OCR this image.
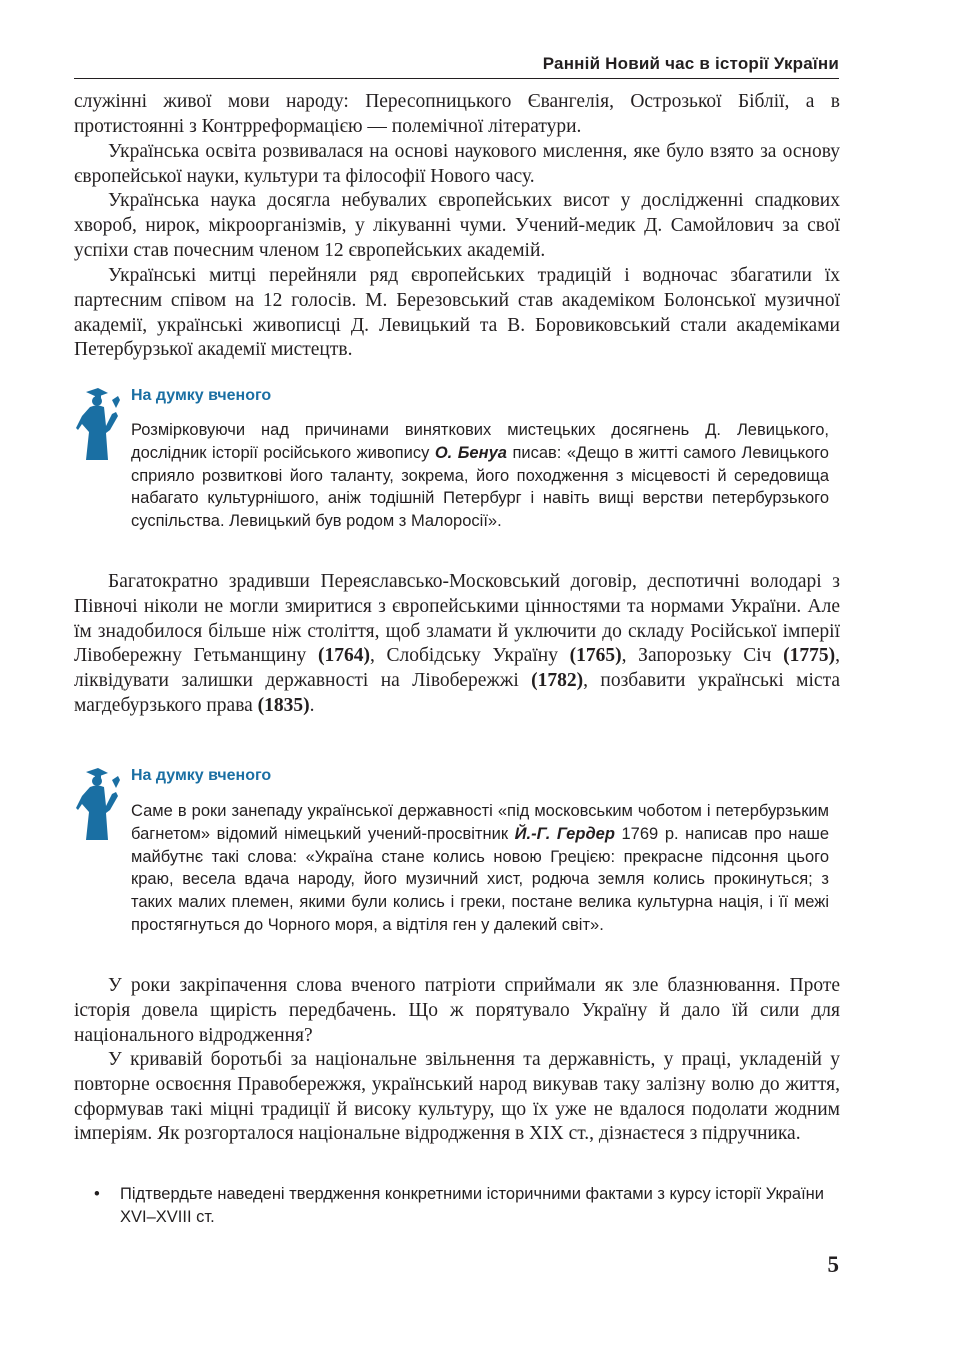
Ранній Новий час в історії України

служінні живої мови народу: Пересопницького Євангелія, Острозької Біблії, а в протистоянні з Контрреформацією — полемічної літератури.

Українська освіта розвивалася на основі наукового мислення, яке було взято за основу європейської науки, культури та філософії Нового часу.

Українська наука досягла небувалих європейських висот у дослідженні спадкових хвороб, нирок, мікроорганізмів, у лікуванні чуми. Учений-медик Д. Самойлович за свої успіхи став почесним членом 12 європейських академій.

Українські митці перейняли ряд європейських традицій і водночас збагатили їх партесним співом на 12 голосів. М. Березовський став академіком Болонської музичної академії, українські живописці Д. Левицький та В. Боровиковський стали академіками Петербурзької академії мистецтв.

На думку вченого

Розмірковуючи над причинами виняткових мистецьких досягнень Д. Левицького, дослідник історії російського живопису О. Бенуа писав: «Дещо в житті самого Левицького сприяло розвиткові його таланту, зокрема, його походження з місцевості й середовища набагато культурнішого, аніж тодішній Петербург і навіть вищі верстви петербурзького суспільства. Левицький був родом з Малоросії».

Багатократно зрадивши Переяславсько-Московський договір, деспотичні володарі з Півночі ніколи не могли змиритися з європейськими цінностями та нормами України. Але їм знадобилося більше ніж століття, щоб зламати й уключити до складу Російської імперії Лівобережну Гетьманщину (1764), Слобідську Україну (1765), Запорозьку Січ (1775), ліквідувати залишки державності на Лівобережжі (1782), позбавити українські міста магдебурзького права (1835).

На думку вченого

Саме в роки занепаду української державності «під московським чоботом і петербурзьким багнетом» відомий німецький учений-просвітник Й.-Г. Гердер 1769 р. написав про наше майбутнє такі слова: «Україна стане колись новою Грецією: прекрасне підсоння цього краю, весела вдача народу, його музичний хист, родюча земля колись прокинуться; з таких малих племен, якими були колись і греки, постане велика культурна нація, і її межі простягнуться до Чорного моря, а відтіля ген у далекий світ».

У роки закріпачення слова вченого патріоти сприймали як зле блазнювання. Проте історія довела щирість передбачень. Що ж порятувало Україну й дало їй сили для національного відродження?

У кривавій боротьбі за національне звільнення та державність, у праці, укладеній у повторне освоєння Правобережжя, український народ викував таку залізну волю до життя, сформував такі міцні традиції й високу культуру, що їх уже не вдалося подолати жодним імперіям. Як розгорталося національне відродження в XIX ст., дізнаєтеся з підручника.

• Підтвердьте наведені твердження конкретними історичними фактами з курсу історії України XVI–XVIII ст.
5
